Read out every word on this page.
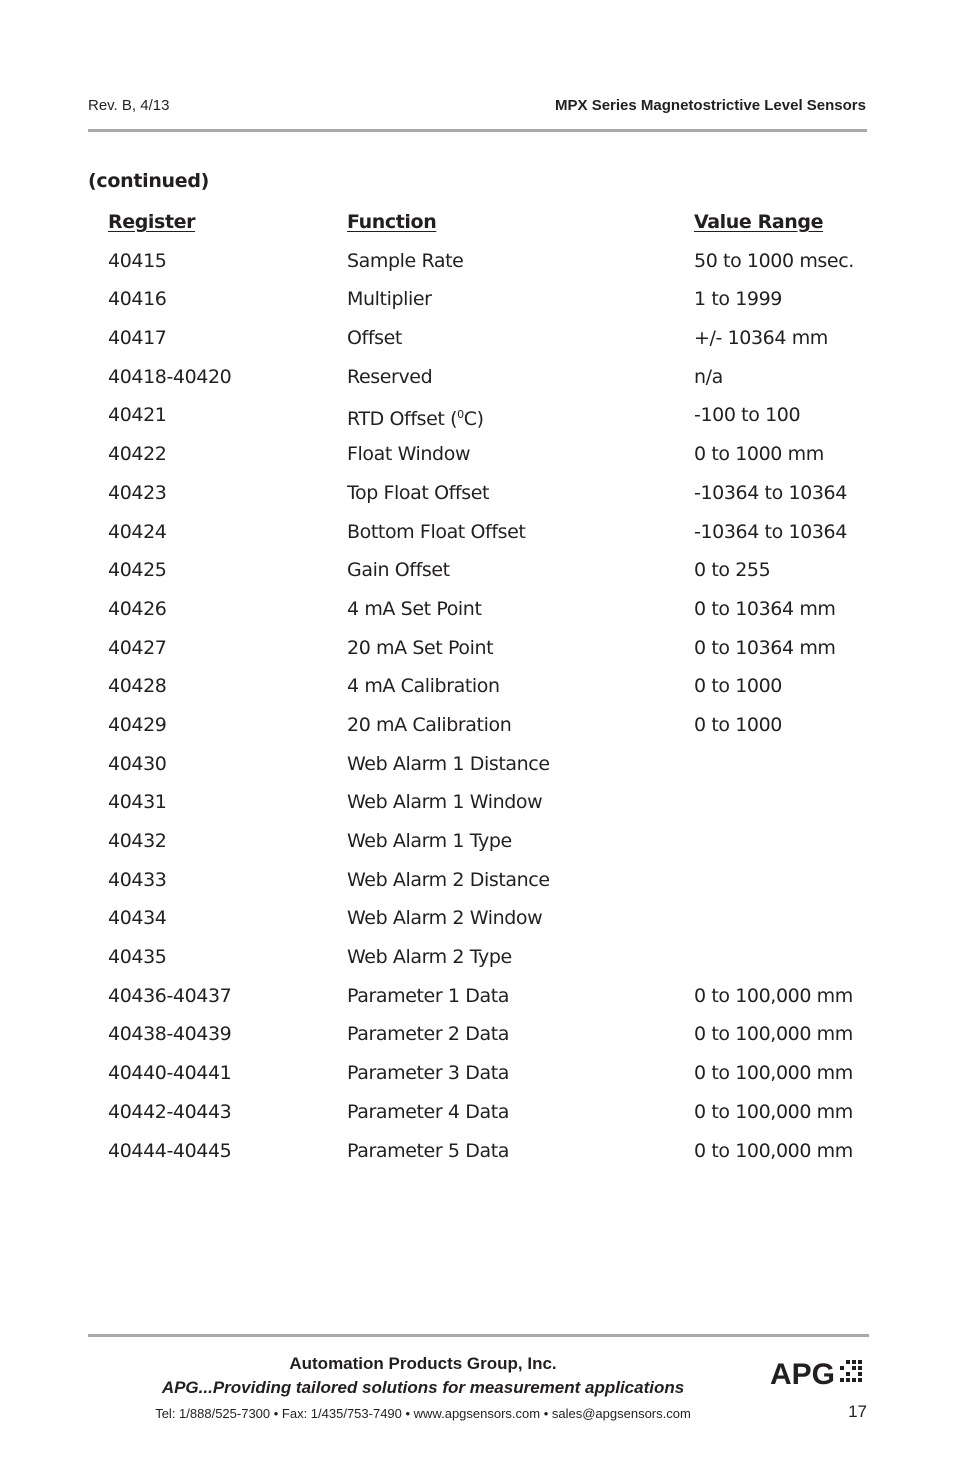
Rev. B, 4/13	MPX Series Magnetostrictive Level Sensors
(continued)
Register	Function	Value Range
40415	Sample Rate	50 to 1000 msec.
40416	Multiplier	1 to 1999
40417	Offset	+/- 10364 mm
40418-40420	Reserved	n/a
40421	RTD Offset ($^0$C)	-100 to 100
40422	Float Window	0 to 1000 mm
40423	Top Float Offset	-10364 to 10364
40424	Bottom Float Offset	-10364 to 10364
40425	Gain Offset	0 to 255
40426	4 mA Set Point	0 to 10364 mm
40427	20 mA Set Point	0 to 10364 mm
40428	4 mA Calibration	0 to 1000
40429	20 mA Calibration	0 to 1000
40430	Web Alarm 1 Distance
40431	Web Alarm 1 Window
40432	Web Alarm 1 Type
40433	Web Alarm 2 Distance
40434	Web Alarm 2 Window
40435	Web Alarm 2 Type
40436-40437	Parameter 1 Data	0 to 100,000 mm
40438-40439	Parameter 2 Data	0 to 100,000 mm
40440-40441	Parameter 3 Data	0 to 100,000 mm
40442-40443	Parameter 4 Data	0 to 100,000 mm
40444-40445	Parameter 5 Data	0 to 100,000 mm
Automation Products Group, Inc.
APG...Providing tailored solutions for measurement applications
Tel: 1/888/525-7300 • Fax: 1/435/753-7490 • www.apgsensors.com • sales@apgsensors.com
APG
17
